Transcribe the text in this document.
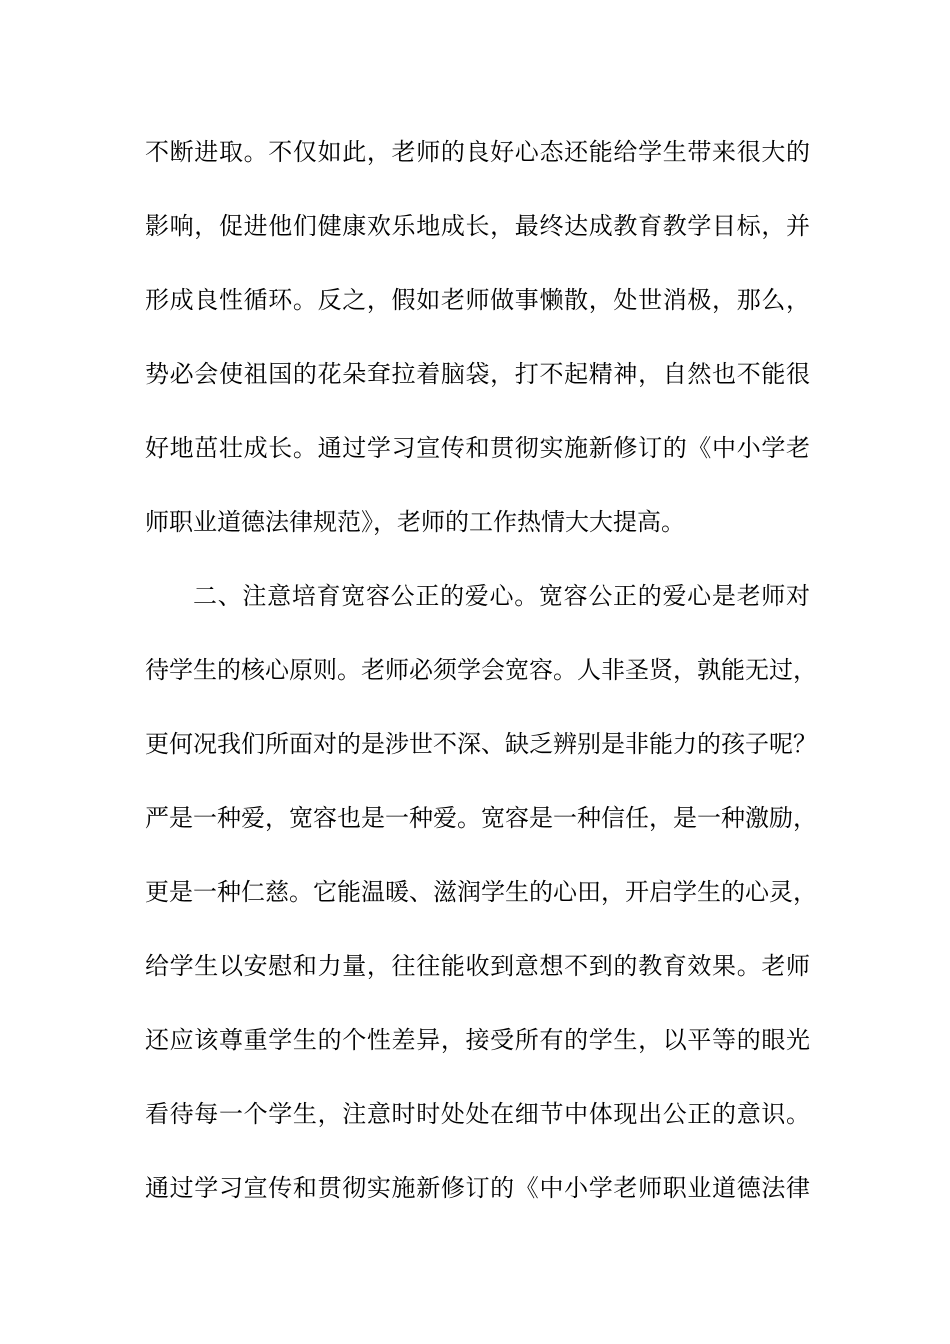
不断进取。不仅如此，老师的良好心态还能给学生带来很大的
影响，促进他们健康欢乐地成长，最终达成教育教学目标，并
形成良性循环。反之，假如老师做事懒散，处世消极，那么，
势必会使祖国的花朵耷拉着脑袋，打不起精神，自然也不能很
好地茁壮成长。通过学习宣传和贯彻实施新修订的《中小学老
师职业道德法律规范》，老师的工作热情大大提高。
二、注意培育宽容公正的爱心。宽容公正的爱心是老师对
待学生的核心原则。老师必须学会宽容。人非圣贤，孰能无过，
更何况我们所面对的是涉世不深、缺乏辨别是非能力的孩子呢？
严是一种爱，宽容也是一种爱。宽容是一种信任，是一种激励，
更是一种仁慈。它能温暖、滋润学生的心田，开启学生的心灵，
给学生以安慰和力量，往往能收到意想不到的教育效果。老师
还应该尊重学生的个性差异，接受所有的学生，以平等的眼光
看待每一个学生，注意时时处处在细节中体现出公正的意识。
通过学习宣传和贯彻实施新修订的《中小学老师职业道德法律
